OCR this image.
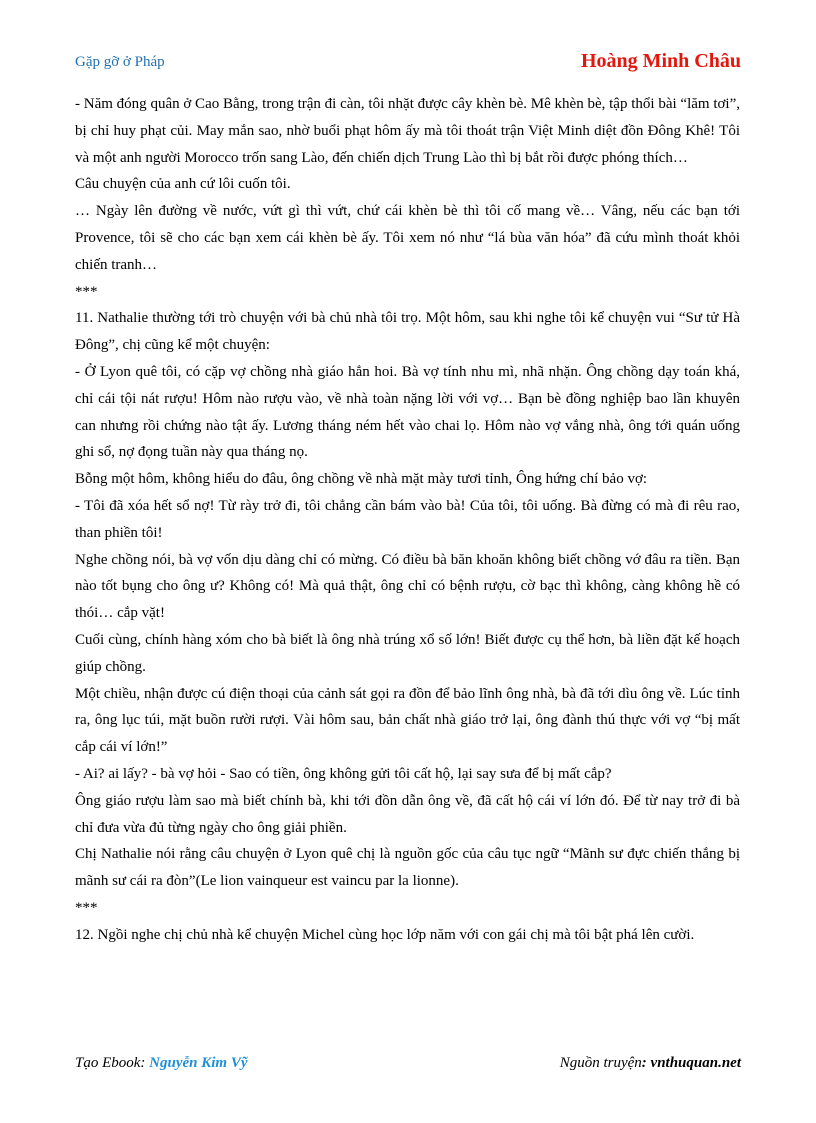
Gặp gỡ ở Pháp	Hoàng Minh Châu

- Năm đóng quân ở Cao Bằng, trong trận đi càn, tôi nhặt được cây khèn bè. Mê khèn bè, tập thổi bài “lăm tơi”, bị chỉ huy phạt củi. May mắn sao, nhờ buổi phạt hôm ấy mà tôi thoát trận Việt Minh diệt đồn Đông Khê! Tôi và một anh người Morocco trốn sang Lào, đến chiến dịch Trung Lào thì bị bắt rồi được phóng thích…

Câu chuyện của anh cứ lôi cuốn tôi.

… Ngày lên đường về nước, vứt gì thì vứt, chứ cái khèn bè thì tôi cố mang về… Vâng, nếu các bạn tới Provence, tôi sẽ cho các bạn xem cái khèn bè ấy. Tôi xem nó như “lá bùa văn hóa” đã cứu mình thoát khỏi chiến tranh…

***

11. Nathalie thường tới trò chuyện với bà chủ nhà tôi trọ. Một hôm, sau khi nghe tôi kể chuyện vui “Sư tử Hà Đông”, chị cũng kể một chuyện:

- Ở Lyon quê tôi, có cặp vợ chồng nhà giáo hẳn hoi. Bà vợ tính nhu mì, nhã nhặn. Ông chồng dạy toán khá, chỉ cái tội nát rượu! Hôm nào rượu vào, về nhà toàn nặng lời với vợ… Bạn bè đồng nghiệp bao lần khuyên can nhưng rồi chứng nào tật ấy. Lương tháng ném hết vào chai lọ. Hôm nào vợ vắng nhà, ông tới quán uống ghi sổ, nợ đọng tuần này qua tháng nọ.

Bỗng một hôm, không hiểu do đâu, ông chồng về nhà mặt mày tươi tỉnh, Ông hứng chí bảo vợ:

- Tôi đã xóa hết sổ nợ! Từ rày trở đi, tôi chẳng cần bám vào bà! Của tôi, tôi uống. Bà đừng có mà đi rêu rao, than phiền tôi!

Nghe chồng nói, bà vợ vốn dịu dàng chỉ có mừng. Có điều bà băn khoăn không biết chồng vớ đâu ra tiền. Bạn nào tốt bụng cho ông ư? Không có! Mà quả thật, ông chỉ có bệnh rượu, cờ bạc thì không, càng không hề có thói… cắp vặt!

Cuối cùng, chính hàng xóm cho bà biết là ông nhà trúng xổ số lớn! Biết được cụ thể hơn, bà liền đặt kế hoạch giúp chồng.

Một chiều, nhận được cú điện thoại của cảnh sát gọi ra đồn để bảo lĩnh ông nhà, bà đã tới dìu ông về. Lúc tỉnh ra, ông lục túi, mặt buồn rười rượi. Vài hôm sau, bản chất nhà giáo trở lại, ông đành thú thực với vợ “bị mất cắp cái ví lớn!”

- Ai? ai lấy? - bà vợ hỏi - Sao có tiền, ông không gửi tôi cất hộ, lại say sưa để bị mất cắp?

Ông giáo rượu làm sao mà biết chính bà, khi tới đồn dẫn ông về, đã cất hộ cái ví lớn đó. Để từ nay trở đi bà chỉ đưa vừa đủ từng ngày cho ông giải phiền.

Chị Nathalie nói rằng câu chuyện ở Lyon quê chị là nguồn gốc của câu tục ngữ “Mãnh sư đực chiến thắng bị mãnh sư cái ra đòn”(Le lion vainqueur est vaincu par la lionne).

***

12. Ngồi nghe chị chủ nhà kể chuyện Michel cùng học lớp năm với con gái chị mà tôi bật phá lên cười.

Tạo Ebook: Nguyễn Kim Vỹ	Nguồn truyện: vnthuquan.net
